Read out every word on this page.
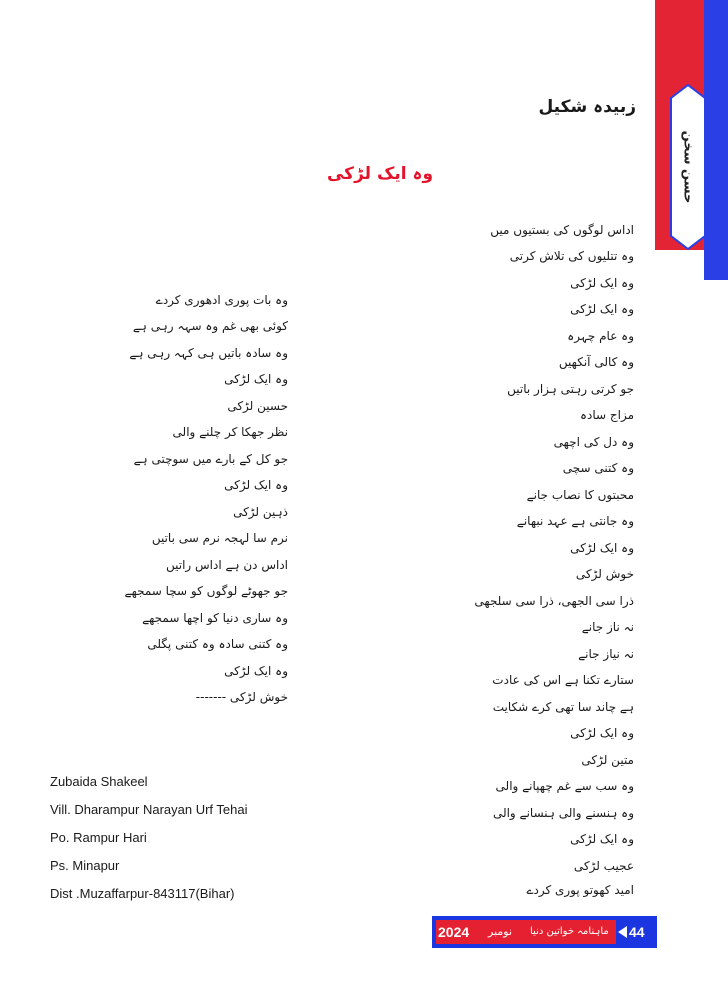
حسن سخن
زبیدہ شکیل
وہ ایک لڑکی
اداس لوگوں کی بستیوں میں
وہ تتلیوں کی تلاش کرتی
وہ ایک لڑکی
وہ ایک لڑکی
وہ عام چہرہ
وہ کالی آنکھیں
جو کرتی رہتی ہزار باتیں
مزاج سادہ
وہ دل کی اچھی
وہ کتنی سچی
محبتوں کا نصاب جانے
وہ جانتی ہے عہد نبھانے
وہ ایک لڑکی
خوش لڑکی
ذرا سی الجھی، ذرا سی سلجھی
نہ ناز جانے
نہ نیاز جانے
ستارے تکنا ہے اس کی عادت
ہے چاند سا تھی کرے شکایت
وہ ایک لڑکی
متین لڑکی
وہ سب سے غم چھپانے والی
وہ ہنسنے والی ہنسانے والی
وہ ایک لڑکی
عجیب لڑکی
امید کھوتو پوری کردے
وہ بات پوری ادھوری کردے
کوئی بھی غم وہ سہہ رہی ہے
وہ سادہ باتیں ہی کہہ رہی ہے
وہ ایک لڑکی
حسین لڑکی
نظر جھکا کر چلنے والی
جو کل کے بارے میں سوچتی ہے
وہ ایک لڑکی
ذہین لڑکی
نرم سا لہجہ نرم سی باتیں
اداس دن ہے اداس راتیں
جو جھوٹے لوگوں کو سچا سمجھے
وہ ساری دنیا کو اچھا سمجھے
وہ کتنی سادہ وہ کتنی پگلی
وہ ایک لڑکی
خوش لڑکی -------
Zubaida Shakeel
Vill. Dharampur Narayan Urf Tehai
Po. Rampur Hari
Ps. Minapur
Dist .Muzaffarpur-843117(Bihar)
2024 نومبر ماہنامہ خواتین دنیا 44
